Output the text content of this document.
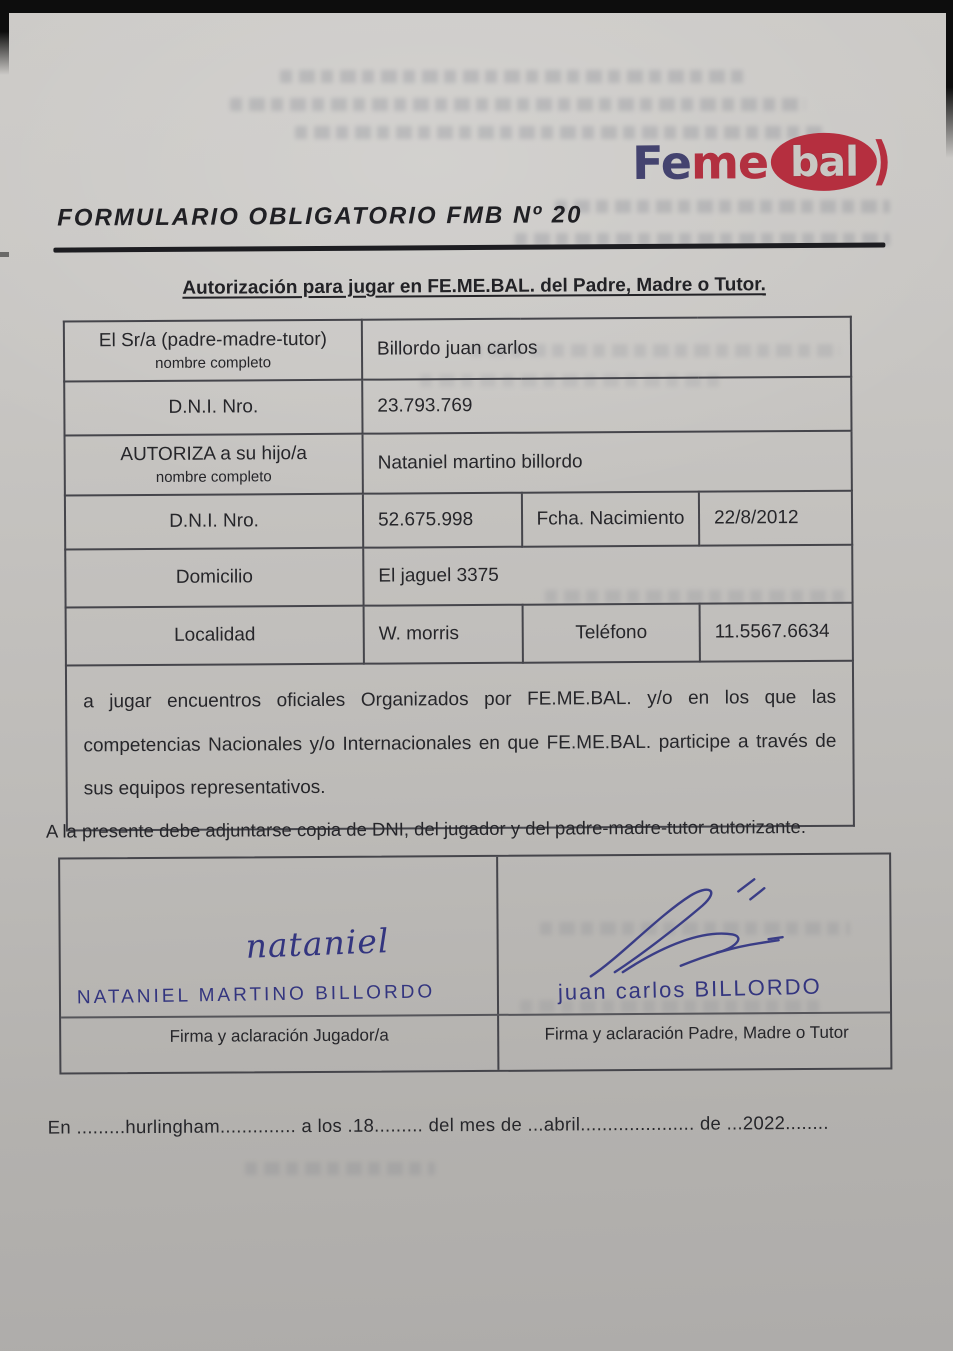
Fe me bal )
FORMULARIO OBLIGATORIO FMB Nº 20
Autorización para jugar en FE.ME.BAL. del Padre, Madre o Tutor.
El Sr/a (padre-madre-tutor)
nombre completo	Billordo juan carlos		
D.N.I. Nro.	23.793.769		

AUTORIZA a su hijo/a
nombre completo	Nataniel martino billordo		
D.N.I. Nro.	52.675.998	Fcha. Nacimiento	22/8/2012
Domicilio	El jaguel 3375		
Localidad	W. morris	Teléfono	11.5567.6634
a jugar encuentros oficiales Organizados por FE.ME.BAL. y/o en los que las competencias Nacionales y/o Internacionales en que FE.ME.BAL. participe a través de sus equipos representativos.			
A la presente debe adjuntarse copia de DNI, del jugador y del padre-madre-tutor autorizante.
nataniel
NATANIEL MARTINO BILLORDO
Firma y aclaración Jugador/a
juan carlos BILLORDO
Firma y aclaración Padre, Madre o Tutor
En .........hurlingham.............. a los .18......... del mes de ...abril..................... de ...2022........
